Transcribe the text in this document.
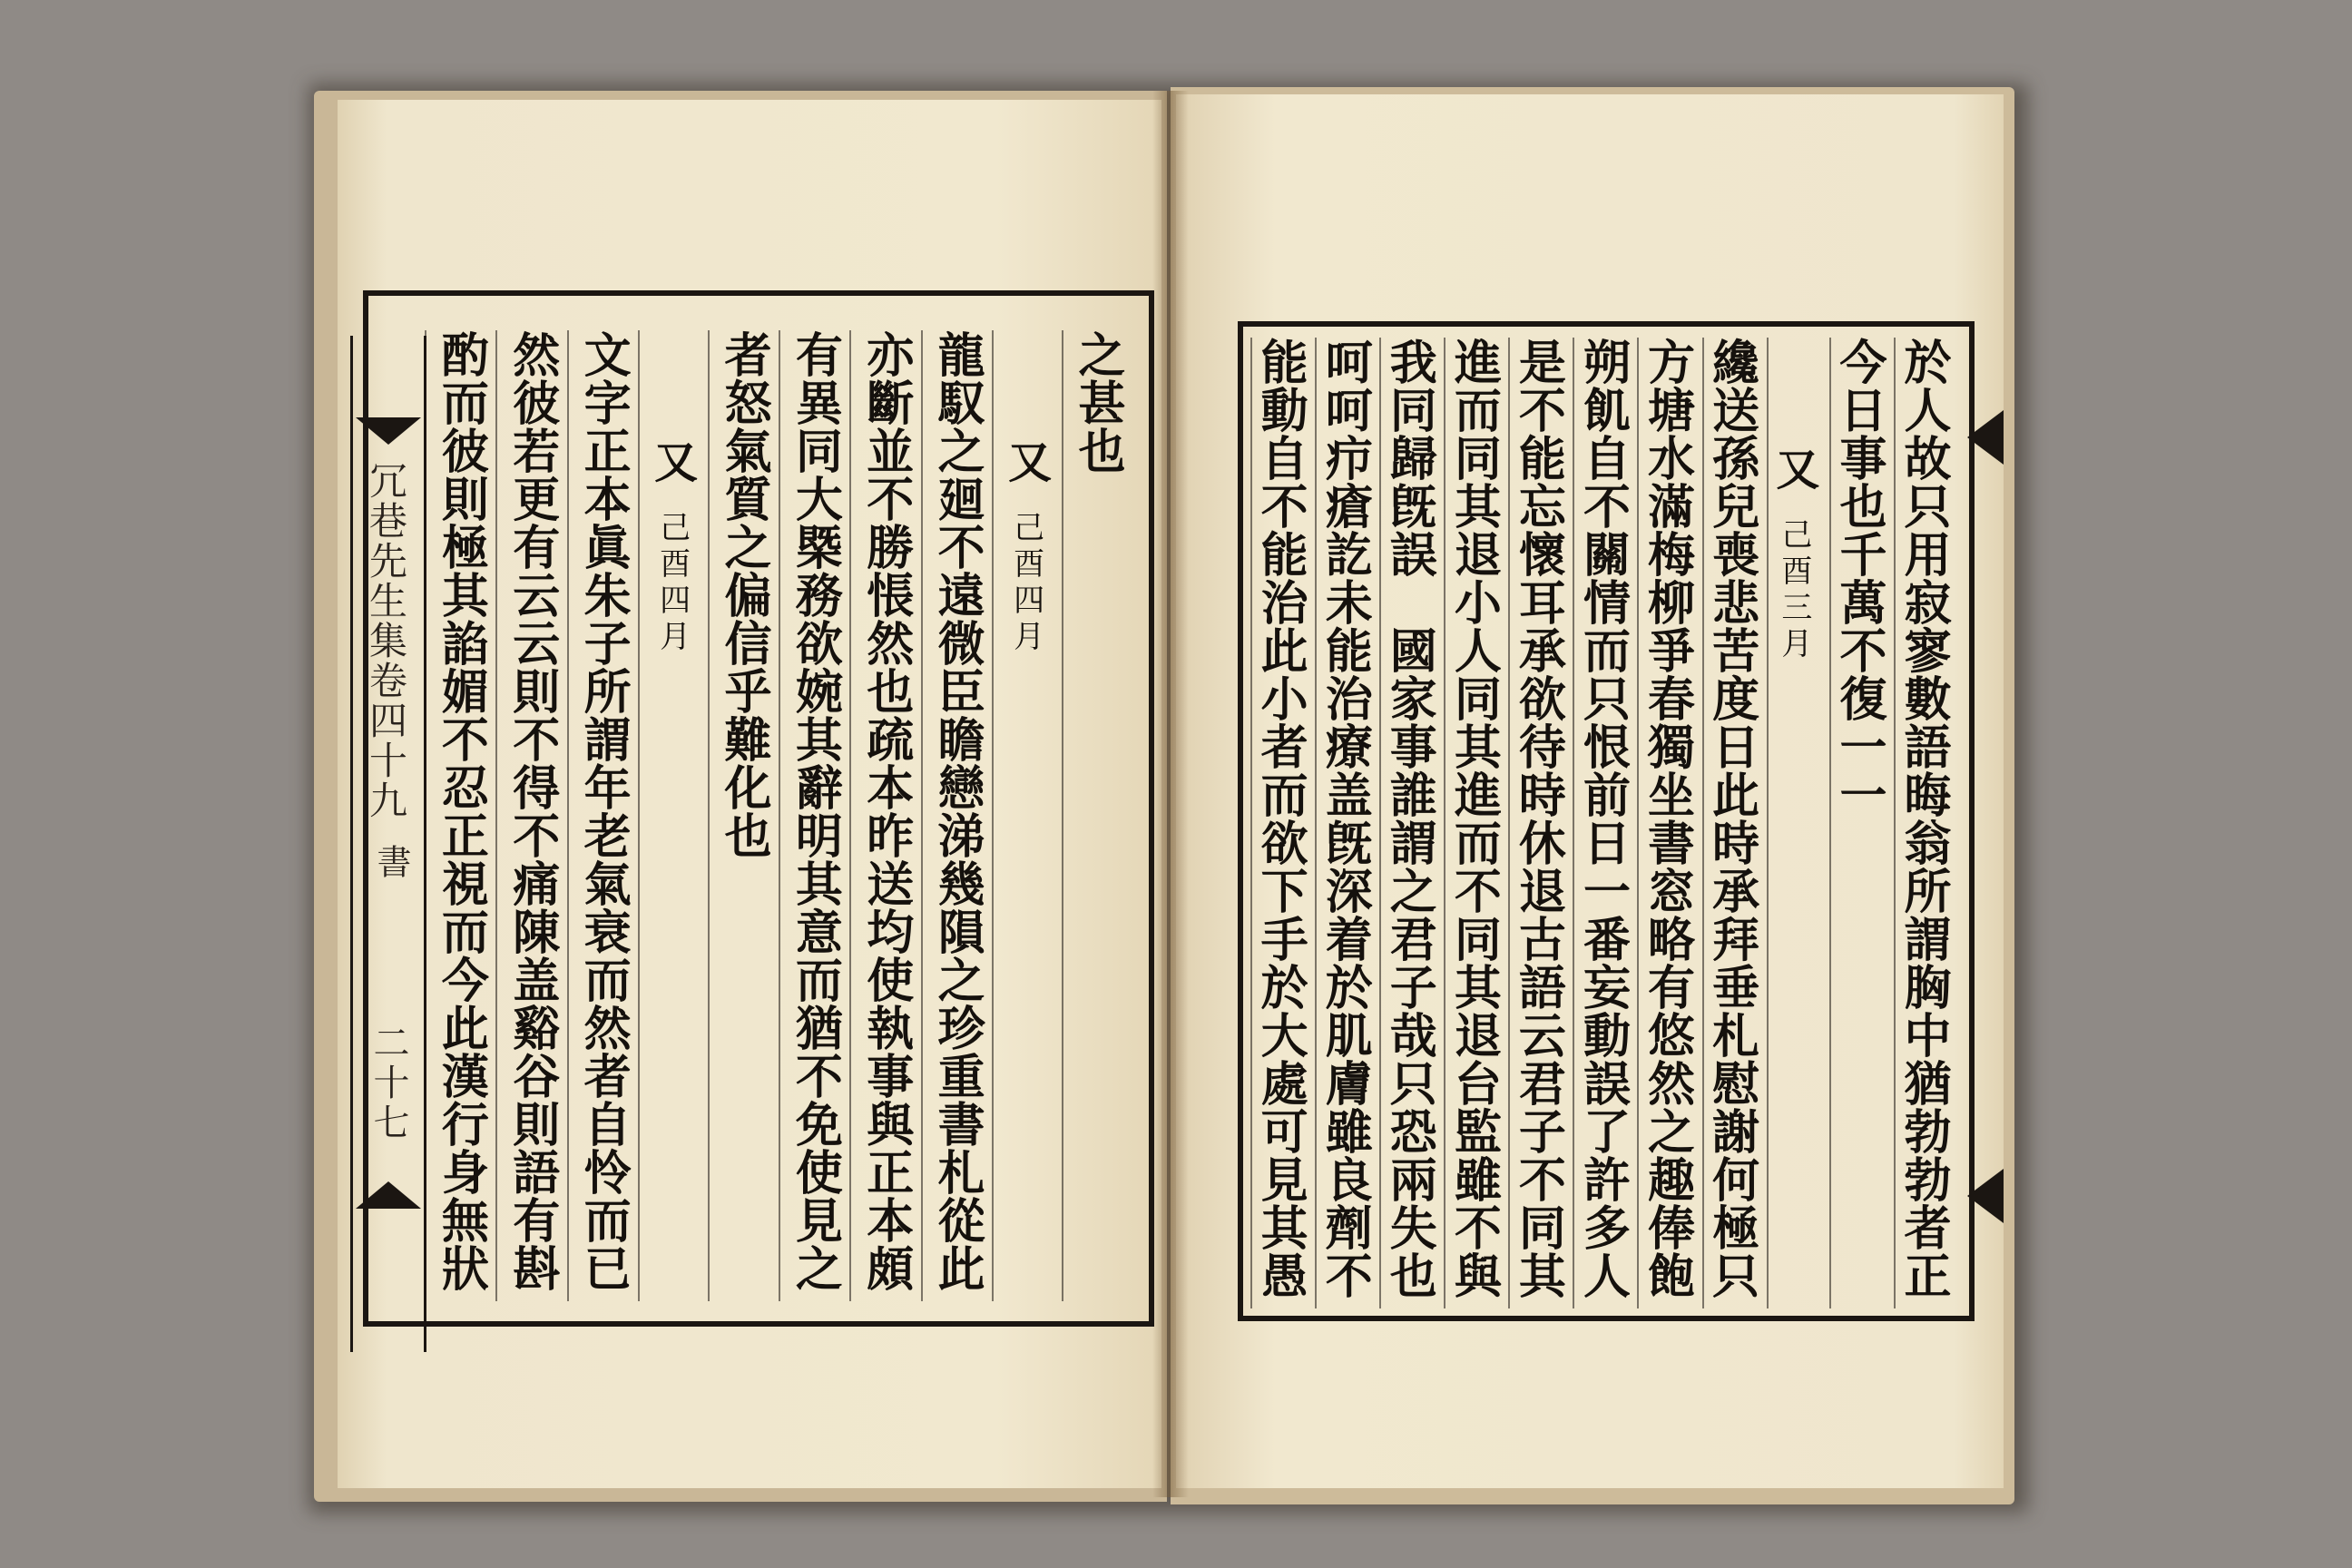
冗巷先生集卷四十九
書
二十七	於人故只用寂寥數語晦翁所謂胸中猶勃勃者正
今日事也千萬不復一一
又己酉三月
纔送孫兒喪悲苦度日此時承拜垂札慰謝何極只
方塘水滿梅柳爭春獨坐書窓略有悠然之趣俸飽
朔飢自不關情而只恨前日一番妄動誤了許多人
是不能忘懷耳承欲待時休退古語云君子不同其
進而同其退小人同其進而不同其退台監雖不與
我同歸旣誤　國家事誰謂之君子哉只恐兩失也
呵呵疖瘡訖未能治療盖旣深着於肌膚雖良劑不
能動自不能治此小者而欲下手於大處可見其愚
之甚也
又己酉四月
龍馭之廻不遠微臣瞻戀涕幾隕之珍重書札從此
亦斷並不勝悵然也疏本昨送均使執事與正本頗
有異同大槩務欲婉其辭明其意而猶不免使見之
者怒氣質之偏信乎難化也
又己酉四月
文字正本眞朱子所謂年老氣衰而然者自怜而已
然彼若更有云云則不得不痛陳盖谿谷則語有斟
酌而彼則極其諂媚不忍正視而今此漢行身無狀
